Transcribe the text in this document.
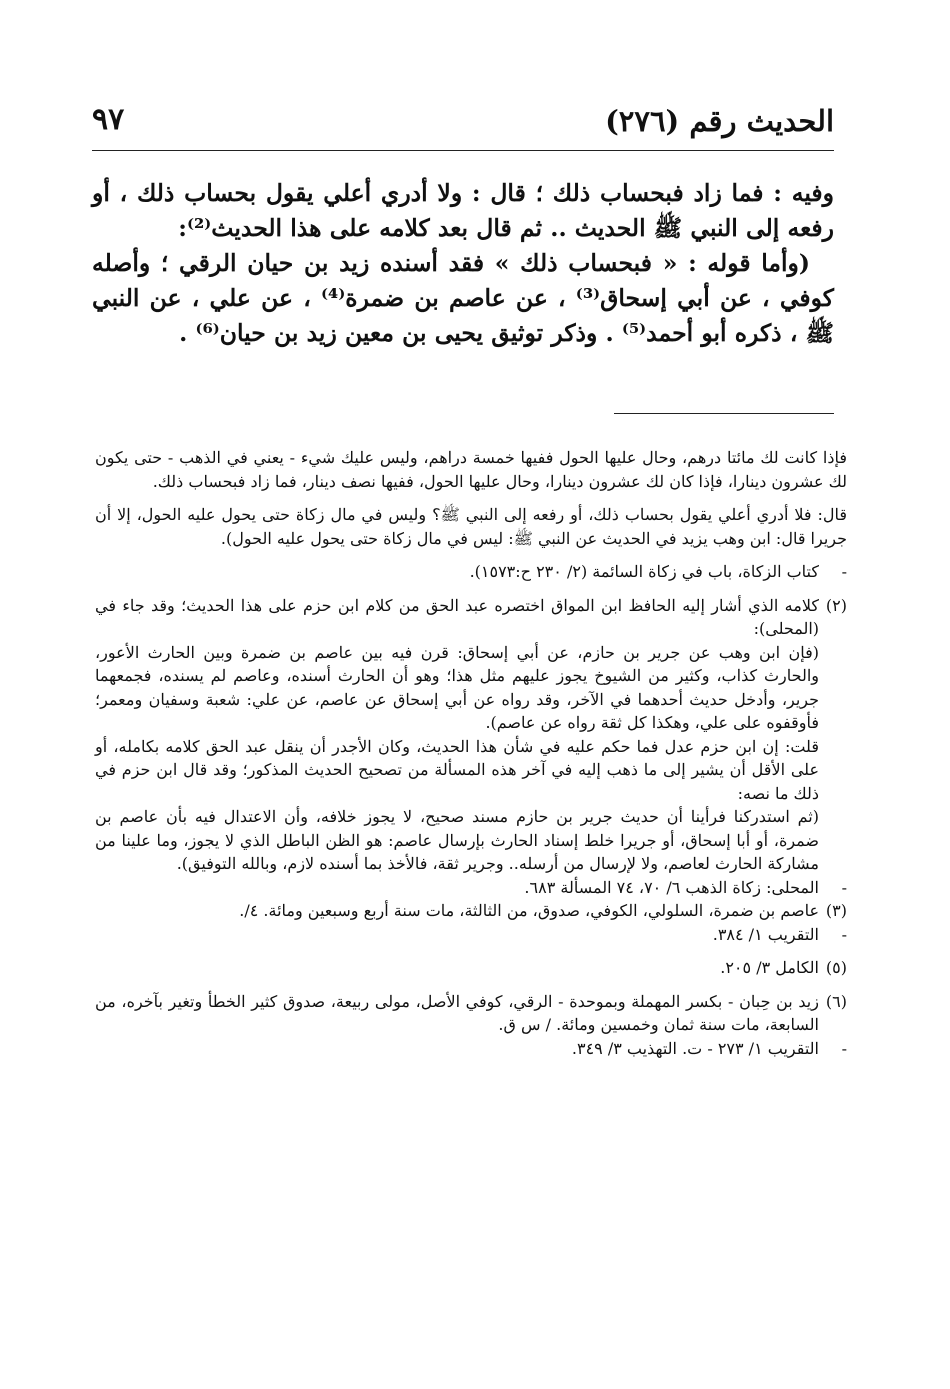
الحديث رقم (٢٧٦)
٩٧

وفيه : فما زاد فبحساب ذلك ؛ قال : ولا أدري أعلي يقول بحساب ذلك ، أو رفعه إلى النبي ﷺ الحديث .. ثم قال بعد كلامه على هذا الحديث⁽²⁾:

(وأما قوله : « فبحساب ذلك » فقد أسنده زيد بن حيان الرقي ؛ وأصله كوفي ، عن أبي إسحاق⁽³⁾ ، عن عاصم بن ضمرة⁽⁴⁾ ، عن علي ، عن النبي ﷺ ، ذكره أبو أحمد⁽⁵⁾ . وذكر توثيق يحيى بن معين زيد بن حيان⁽⁶⁾ .

فإذا كانت لك مائتا درهم، وحال عليها الحول ففيها خمسة دراهم، وليس عليك شيء - يعني في الذهب - حتى يكون لك عشرون دينارا، فإذا كان لك عشرون دينارا، وحال عليها الحول، ففيها نصف دينار، فما زاد فبحساب ذلك.

قال: فلا أدري أعلي يقول بحساب ذلك، أو رفعه إلى النبي ﷺ؟ وليس في مال زكاة حتى يحول عليه الحول، إلا أن جريرا قال: ابن وهب يزيد في الحديث عن النبي ﷺ: ليس في مال زكاة حتى يحول عليه الحول).

-كتاب الزكاة، باب في زكاة السائمة (٢/ ٢٣٠ ح:١٥٧٣).

(٢)كلامه الذي أشار إليه الحافظ ابن المواق اختصره عبد الحق من كلام ابن حزم على هذا الحديث؛ وقد جاء في (المحلى):

(فإن ابن وهب عن جرير بن حازم، عن أبي إسحاق: قرن فيه بين عاصم بن ضمرة وبين الحارث الأعور، والحارث كذاب، وكثير من الشيوخ يجوز عليهم مثل هذا؛ وهو أن الحارث أسنده، وعاصم لم يسنده، فجمعهما جرير، وأدخل حديث أحدهما في الآخر، وقد رواه عن أبي إسحاق عن عاصم، عن علي: شعبة وسفيان ومعمر؛ فأوقفوه على علي، وهكذا كل ثقة رواه عن عاصم).

قلت: إن ابن حزم عدل فما حكم عليه في شأن هذا الحديث، وكان الأجدر أن ينقل عبد الحق كلامه بكامله، أو على الأقل أن يشير إلى ما ذهب إليه في آخر هذه المسألة من تصحيح الحديث المذكور؛ وقد قال ابن حزم في ذلك ما نصه:

(ثم استدركنا فرأينا أن حديث جرير بن حازم مسند صحيح، لا يجوز خلافه، وأن الاعتدال فيه بأن عاصم بن ضمرة، أو أبا إسحاق، أو جريرا خلط إسناد الحارث بإرسال عاصم: هو الظن الباطل الذي لا يجوز، وما علينا من مشاركة الحارث لعاصم، ولا لإرسال من أرسله.. وجرير ثقة، فالأخذ بما أسنده لازم، وبالله التوفيق).

-المحلى: زكاة الذهب ٦/ ٧٠، ٧٤ المسألة ٦٨٣.

(٣)عاصم بن ضمرة، السلولي، الكوفي، صدوق، من الثالثة، مات سنة أربع وسبعين ومائة. ٤/.

-التقريب ١/ ٣٨٤.

(٥)الكامل ٣/ ٢٠٥.

(٦)زيد بن حِبان - بكسر المهملة وبموحدة - الرقي، كوفي الأصل، مولى ربيعة، صدوق كثير الخطأ وتغير بآخره، من السابعة، مات سنة ثمان وخمسين ومائة. / س ق.

-التقريب ١/ ٢٧٣ - ت. التهذيب ٣/ ٣٤٩.
